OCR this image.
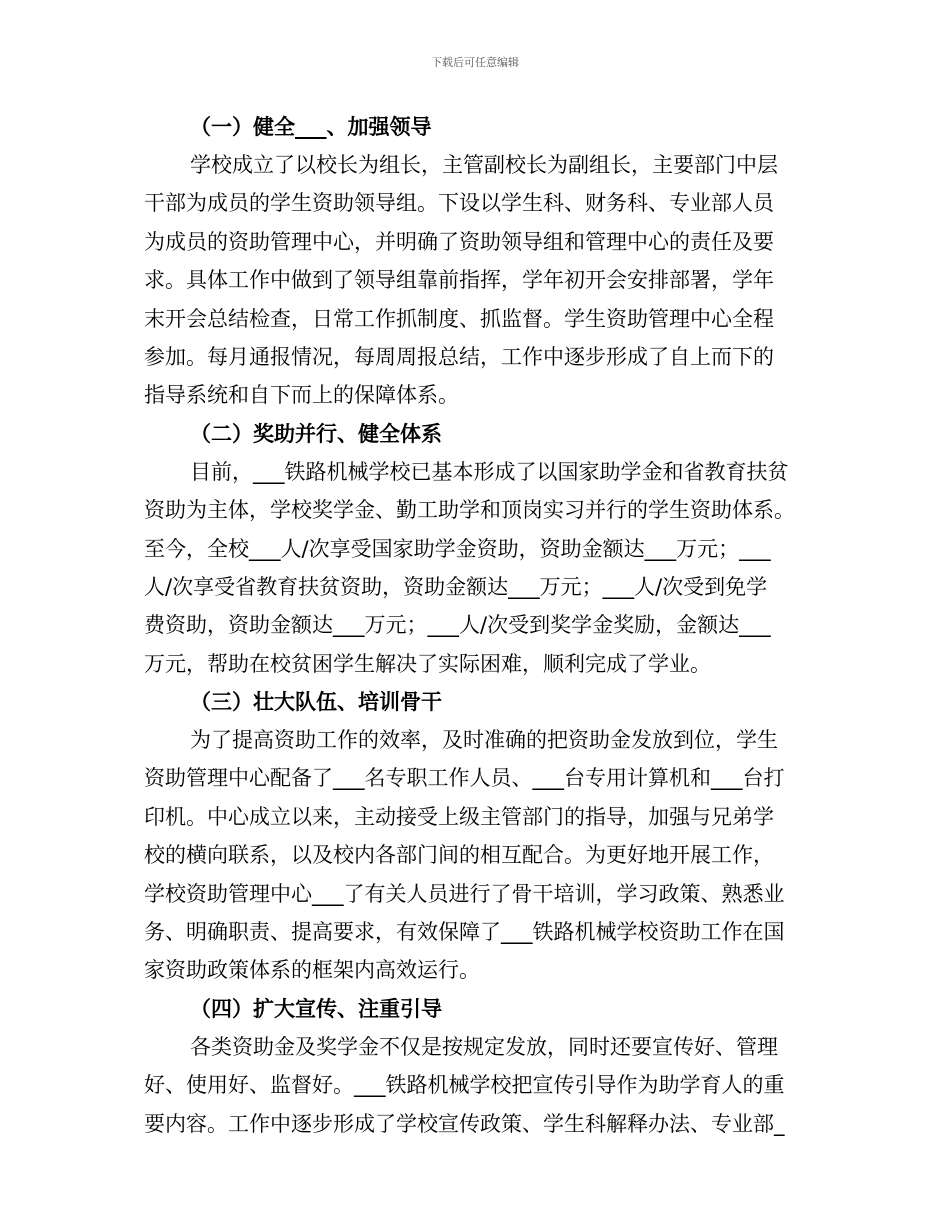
下载后可任意编辑

（一）健全___、加强领导

学校成立了以校长为组长，主管副校长为副组长，主要部门中层
干部为成员的学生资助领导组。下设以学生科、财务科、专业部人员
为成员的资助管理中心，并明确了资助领导组和管理中心的责任及要
求。具体工作中做到了领导组靠前指挥，学年初开会安排部署，学年
末开会总结检查，日常工作抓制度、抓监督。学生资助管理中心全程
参加。每月通报情况，每周周报总结，工作中逐步形成了自上而下的
指导系统和自下而上的保障体系。

（二）奖助并行、健全体系

目前，___铁路机械学校已基本形成了以国家助学金和省教育扶贫
资助为主体，学校奖学金、勤工助学和顶岗实习并行的学生资助体系。
至今，全校___人/次享受国家助学金资助，资助金额达___万元；___
人/次享受省教育扶贫资助，资助金额达___万元；___人/次受到免学
费资助，资助金额达___万元；___人/次受到奖学金奖励，金额达___
万元，帮助在校贫困学生解决了实际困难，顺利完成了学业。

（三）壮大队伍、培训骨干

为了提高资助工作的效率，及时准确的把资助金发放到位，学生
资助管理中心配备了___名专职工作人员、___台专用计算机和___台打
印机。中心成立以来，主动接受上级主管部门的指导，加强与兄弟学
校的横向联系，以及校内各部门间的相互配合。为更好地开展工作，
学校资助管理中心___了有关人员进行了骨干培训，学习政策、熟悉业
务、明确职责、提高要求，有效保障了___铁路机械学校资助工作在国
家资助政策体系的框架内高效运行。

（四）扩大宣传、注重引导

各类资助金及奖学金不仅是按规定发放，同时还要宣传好、管理
好、使用好、监督好。___铁路机械学校把宣传引导作为助学育人的重
要内容。工作中逐步形成了学校宣传政策、学生科解释办法、专业部_
